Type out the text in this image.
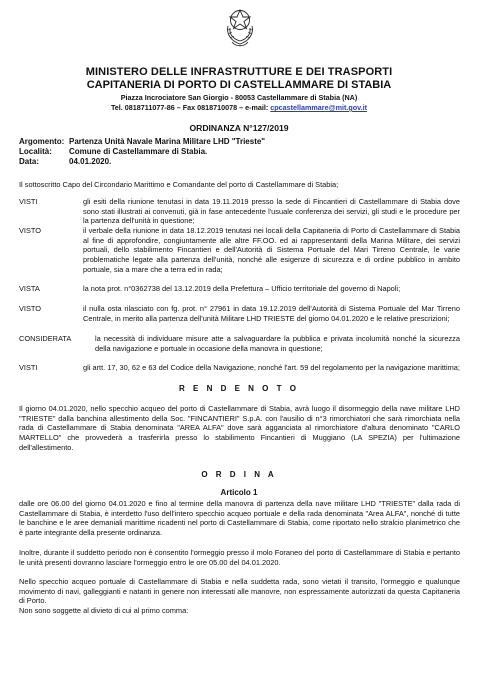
MINISTERO DELLE INFRASTRUTTURE E DEI TRASPORTI
CAPITANERIA DI PORTO DI CASTELLAMMARE DI STABIA
Piazza Incrociatore San Giorgio - 80053 Castellammare di Stabia (NA)
Tel. 0818711077-86 – Fax 0818710078 – e-mail: cpcastellammare@mit.gov.it
ORDINANZA N°127/2019
Argomento: Partenza Unità Navale Marina Militare LHD "Trieste"
Località: Comune di Castellammare di Stabia.
Data:	04.01.2020.
Il sottoscritto Capo del Circondario Marittimo e Comandante del porto di Castellammare di Stabia;
VISTI	gli esiti della riunione tenutasi in data 19.11.2019 presso la sede di Fincantieri di Castellammare di Stabia dove sono stati illustrati ai convenuti, già in fase antecedente l'usuale conferenza dei servizi, gli studi e le procedure per la partenza dell'unità in questione;
VISTO	il verbale della riunione in data 18.12.2019 tenutasi nei locali della Capitaneria di Porto di Castellammare di Stabia al fine di approfondire, congiuntamente alle altre FF.OO. ed ai rappresentanti della Marina Militare, dei servizi portuali, dello stabilimento Fincantieri e dell'Autorità di Sistema Portuale del Mari Tirreno Centrale, le varie problematiche legate alla partenza dell'unità, nonché alle esigenze di sicurezza e di ordine pubblico in ambito portuale, sia a mare che a terra ed in rada;
VISTA	la nota prot. n°0362738 del 13.12.2019 della Prefettura – Ufficio territoriale del governo di Napoli;
VISTO	il nulla osta rilasciato con fg. prot. n° 27961 in data 19.12.2019 dell'Autorità di Sistema Portuale del Mar Tirreno Centrale, in merito alla partenza dell'unità Militare LHD TRIESTE del giorno 04.01.2020 e le relative prescrizioni;
CONSIDERATA	la necessità di individuare misure atte a salvaguardare la pubblica e privata incolumità nonché la sicurezza della navigazione e portuale in occasione della manovra in questione;
VISTI	gli artt. 17, 30, 62 e 63 del Codice della Navigazione, nonché l'art. 59 del regolamento per la navigazione marittima;
R E N D E N O T O
Il giorno 04.01.2020, nello specchio acqueo del porto di Castellammare di Stabia, avrà luogo il disormeggio della nave militare LHD "TRIESTE" dalla banchina allestimento della Soc. "FINCANTIERI" S.p.A. con l'ausilio di n°3 rimorchiatori che sarà rimorchiata nella rada di Castellammare di Stabia denominata "AREA ALFA" dove sarà agganciata al rimorchiatore d'altura denominato "CARLO MARTELLO" che provvederà a trasferirla presso lo stabilimento Fincantieri di Muggiano (LA SPEZIA) per l'ultimazione dell'allestimento.
O R D I N A
Articolo 1
dalle ore 06.00 del giorno 04.01.2020 e fino al termine della manovra di partenza della nave militare LHD "TRIESTE" dalla rada di Castellammare di Stabia, è interdetto l'uso dell'intero specchio acqueo portuale e della rada denominata "Area ALFA", nonché di tutte le banchine e le aree demaniali marittime ricadenti nel porto di Castellammare di Stabia, come riportato nello stralcio planimetrico che è parte integrante della presente ordinanza.
Inoltre, durante il suddetto periodo non è consentito l'ormeggio presso il molo Foraneo del porto di Castellammare di Stabia e pertanto le unità presenti dovranno lasciare l'ormeggio entro le ore 05.00 del 04.01.2020.
Nello specchio acqueo portuale di Castellammare di Stabia e nella suddetta rada, sono vietati il transito, l'ormeggio e qualunque movimento di navi, galleggianti e natanti in genere non interessati alle manovre, non espressamente autorizzati da questa Capitaneria di Porto.
Non sono soggette al divieto di cui al primo comma:
